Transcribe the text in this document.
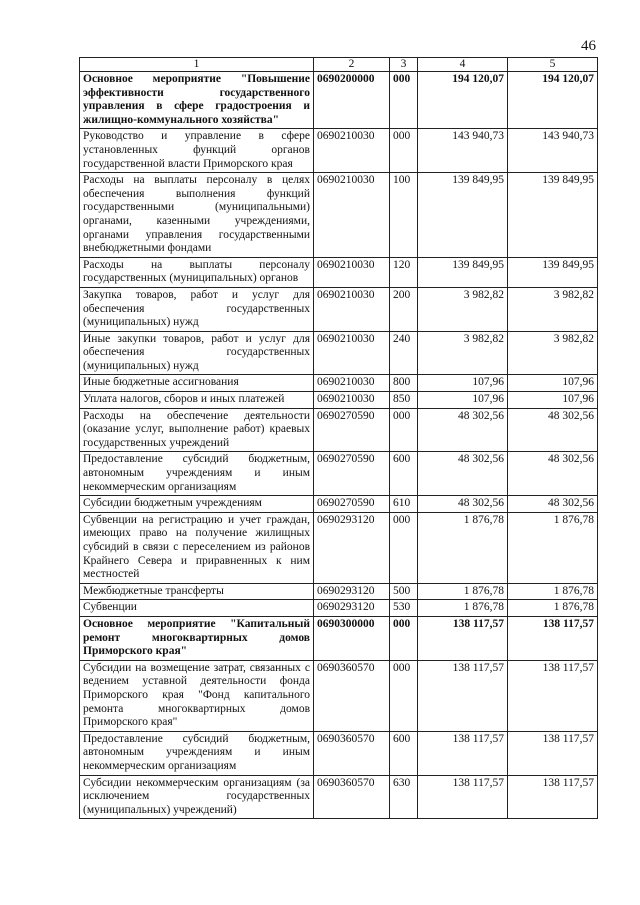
46
1	2	3	4	5
Основное мероприятие "Повышение эффективности государственного управления в сфере градостроения и жилищно-коммунального хозяйства"	0690200000	000	194 120,07	194 120,07
Руководство и управление в сфере установленных функций органов государственной власти Приморского края	0690210030	000	143 940,73	143 940,73
Расходы на выплаты персоналу в целях обеспечения выполнения функций государственными (муниципальными) органами, казенными учреждениями, органами управления государственными внебюджетными фондами	0690210030	100	139 849,95	139 849,95
Расходы на выплаты персоналу государственных (муниципальных) органов	0690210030	120	139 849,95	139 849,95
Закупка товаров, работ и услуг для обеспечения государственных (муниципальных) нужд	0690210030	200	3 982,82	3 982,82
Иные закупки товаров, работ и услуг для обеспечения государственных (муниципальных) нужд	0690210030	240	3 982,82	3 982,82
Иные бюджетные ассигнования	0690210030	800	107,96	107,96
Уплата налогов, сборов и иных платежей	0690210030	850	107,96	107,96
Расходы на обеспечение деятельности (оказание услуг, выполнение работ) краевых государственных учреждений	0690270590	000	48 302,56	48 302,56
Предоставление субсидий бюджетным, автономным учреждениям и иным некоммерческим организациям	0690270590	600	48 302,56	48 302,56
Субсидии бюджетным учреждениям	0690270590	610	48 302,56	48 302,56
Субвенции на регистрацию и учет граждан, имеющих право на получение жилищных субсидий в связи с переселением из районов Крайнего Севера и приравненных к ним местностей	0690293120	000	1 876,78	1 876,78
Межбюджетные трансферты	0690293120	500	1 876,78	1 876,78
Субвенции	0690293120	530	1 876,78	1 876,78
Основное мероприятие "Капитальный ремонт многоквартирных домов Приморского края"	0690300000	000	138 117,57	138 117,57
Субсидии на возмещение затрат, связанных с ведением уставной деятельности фонда Приморского края "Фонд капитального ремонта многоквартирных домов Приморского края"	0690360570	000	138 117,57	138 117,57
Предоставление субсидий бюджетным, автономным учреждениям и иным некоммерческим организациям	0690360570	600	138 117,57	138 117,57
Субсидии некоммерческим организациям (за исключением государственных (муниципальных) учреждений)	0690360570	630	138 117,57	138 117,57
